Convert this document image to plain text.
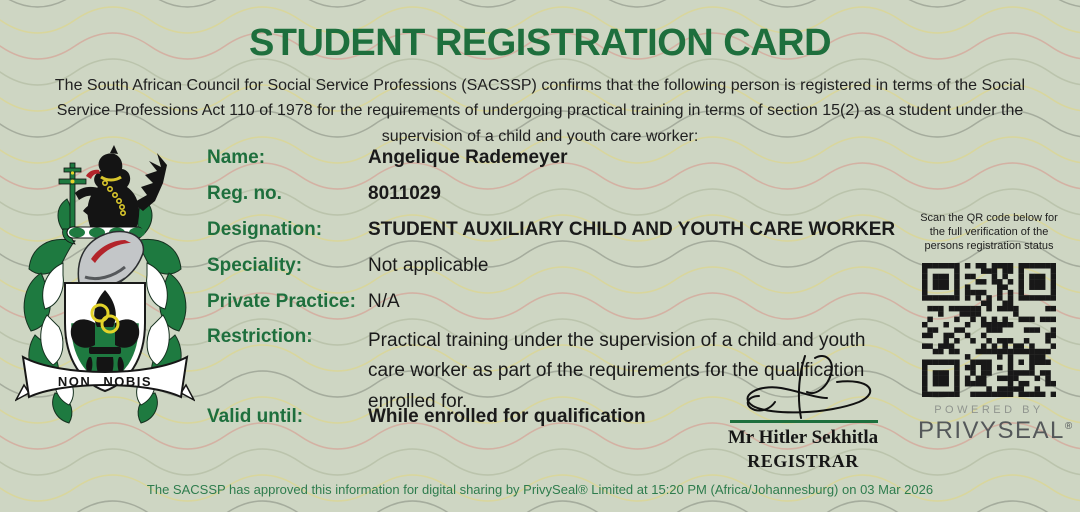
STUDENT REGISTRATION CARD
The South African Council for Social Service Professions (SACSSP) confirms that the following person is registered in terms of the Social Service Professions Act 110 of 1978 for the requirements of undergoing practical training in terms of section 15(2) as a student under the supervision of a child and youth care worker:
NON NOBIS
Name:	Angelique Rademeyer
Reg. no.	8011029
Designation:	STUDENT AUXILIARY CHILD AND YOUTH CARE WORKER
Speciality:	Not applicable
Private Practice: N/A
Restriction:	Practical training under the supervision of a child and youth care worker as part of the requirements for the qualification enrolled for.
Valid until:	While enrolled for qualification
Mr Hitler Sekhitla
REGISTRAR
Scan the QR code below for the full verification of the persons registration status
POWERED BY
PRIVYSEAL®
The SACSSP has approved this information for digital sharing by PrivySeal® Limited at 15:20 PM (Africa/Johannesburg) on 03 Mar 2026
